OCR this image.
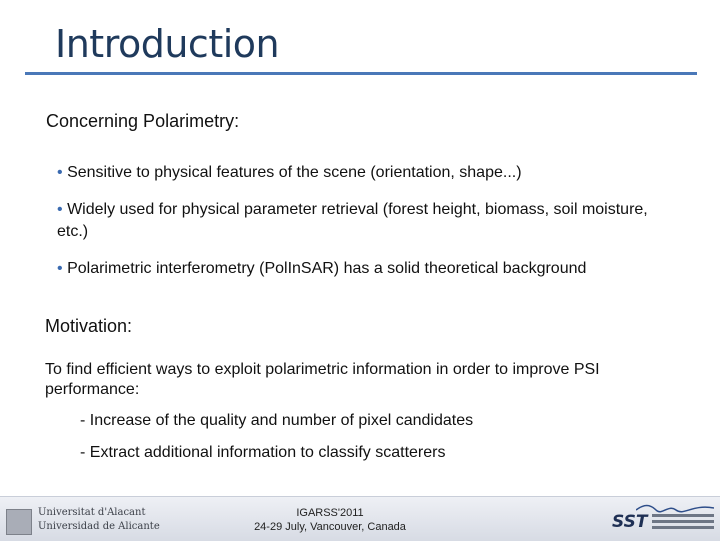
Introduction
Concerning Polarimetry:
• Sensitive to physical features of the scene (orientation, shape...)
• Widely used for physical parameter retrieval (forest height, biomass, soil moisture, etc.)
• Polarimetric interferometry (PolInSAR) has a solid theoretical background
Motivation:
To find efficient ways to exploit polarimetric information in order to improve PSI performance:
- Increase of the quality and number of pixel candidates
- Extract additional information to classify scatterers
Universitat d'Alacant
Universidad de Alicante
IGARSS'2011
24-29 July, Vancouver, Canada	SST
